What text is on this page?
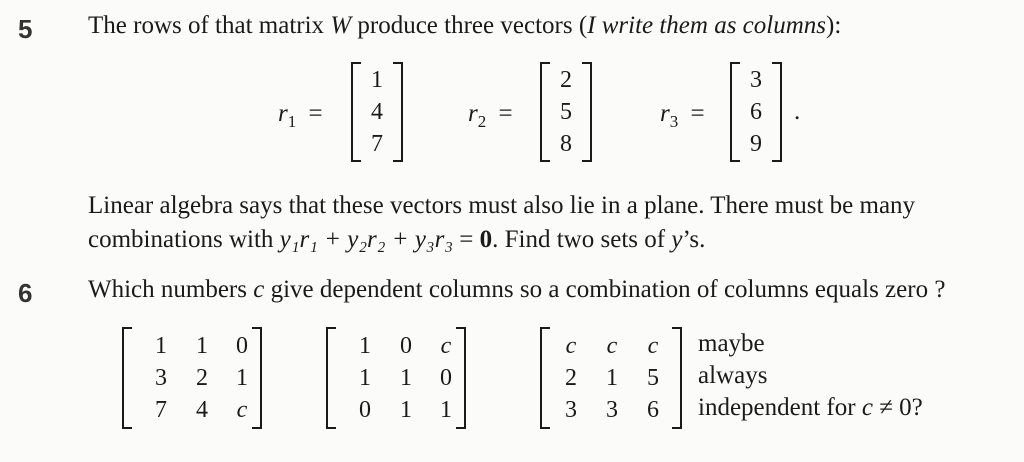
5 The rows of that matrix W produce three vectors (I write them as columns):
$r_1$ =
1
4
7
$r_2$ =
2
5
8
$r_3$ =
3
6
9
.
Linear algebra says that these vectors must also lie in a plane. There must be many
combinations with y₁r₁ + y₂r₂ + y₃r₃ = 0. Find two sets of y’s.
6 Which numbers c give dependent columns so a combination of columns equals zero ?
1	1	0
3	2	1
7	4	c
1	0	c
1	1	0
0	1	1
c	c	c
2	1	5
3	3	6
maybe
always
independent for c ≠ 0?
